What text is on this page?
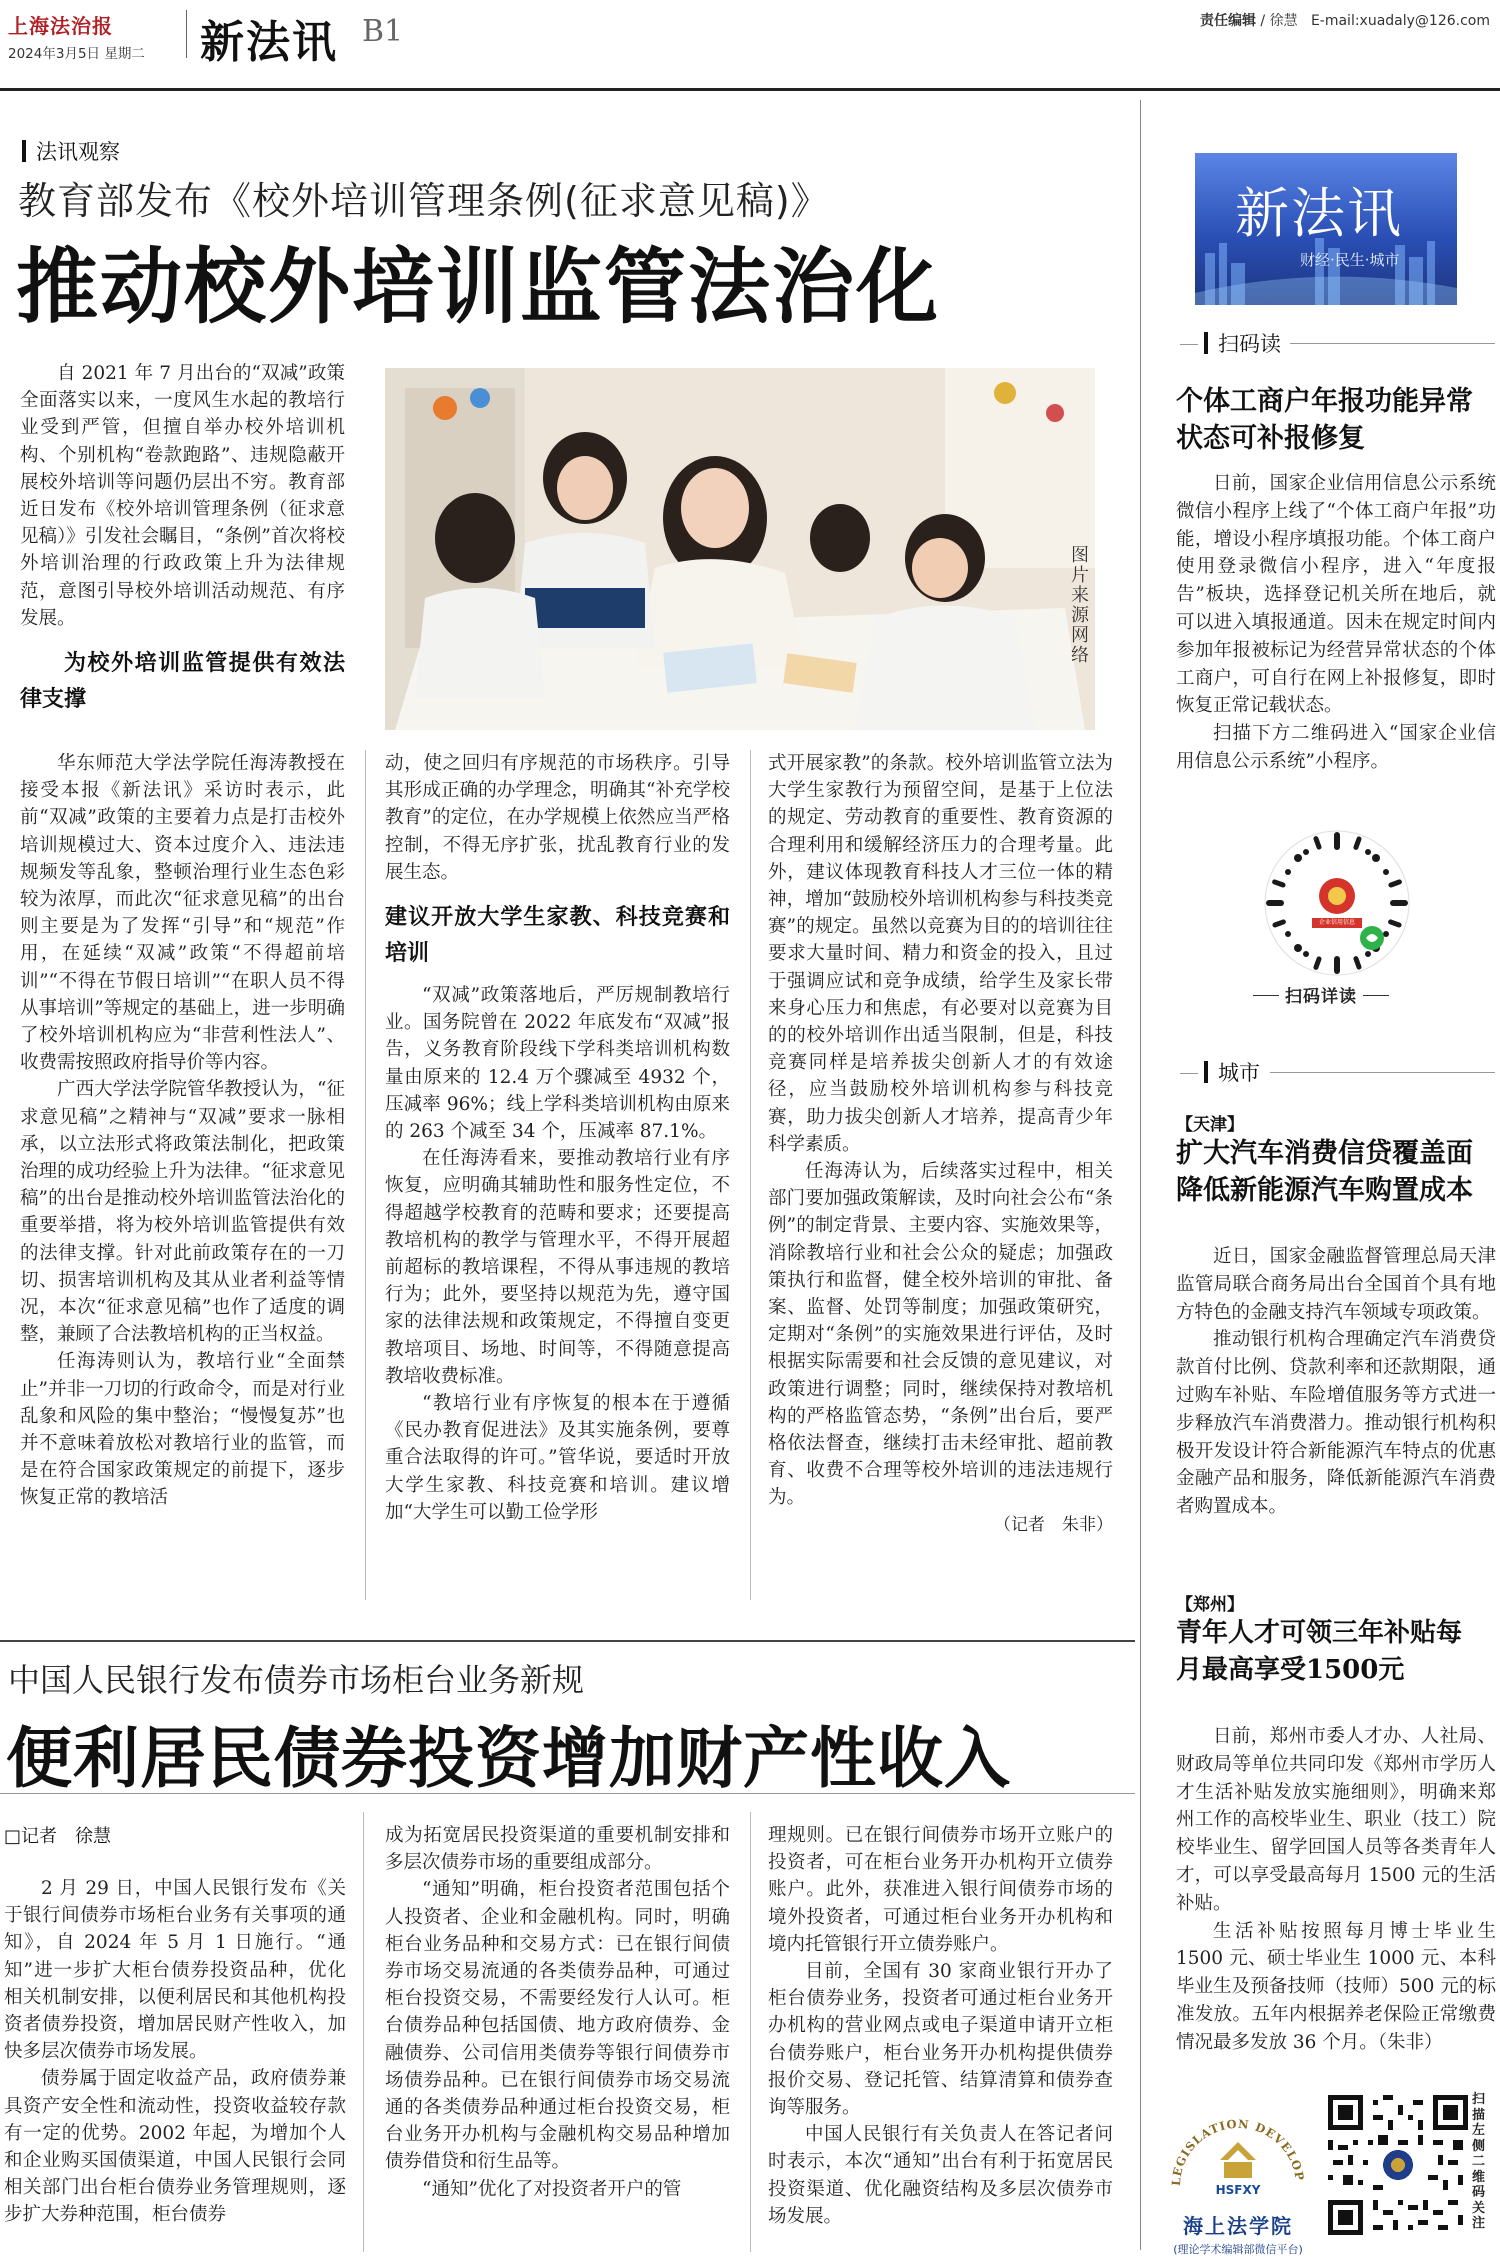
上海法治报
2024年3月5日 星期二 新法讯 B1	责任编辑 / 徐慧 E-mail:xuadaly@126.com
法讯观察
教育部发布《校外培训管理条例(征求意见稿)》
推动校外培训监管法治化

自 2021 年 7 月出台的“双减”政策全面落实以来，一度风生水起的教培行业受到严管，但擅自举办校外培训机构、个别机构“卷款跑路”、违规隐蔽开展校外培训等问题仍层出不穷。教育部近日发布《校外培训管理条例（征求意见稿）》引发社会瞩目，“条例”首次将校外培训治理的行政政策上升为法律规范，意图引导校外培训活动规范、有序发展。

为校外培训监管提供有效法律支撑
图片来源网络

华东师范大学法学院任海涛教授在接受本报《新法讯》采访时表示，此前“双减”政策的主要着力点是打击校外培训规模过大、资本过度介入、违法违规频发等乱象，整顿治理行业生态色彩较为浓厚，而此次“征求意见稿”的出台则主要是为了发挥“引导”和“规范”作用，在延续“双减”政策“不得超前培训”“不得在节假日培训”“在职人员不得从事培训”等规定的基础上，进一步明确了校外培训机构应为“非营利性法人”、收费需按照政府指导价等内容。

广西大学法学院管华教授认为，“征求意见稿”之精神与“双减”要求一脉相承，以立法形式将政策法制化，把政策治理的成功经验上升为法律。“征求意见稿”的出台是推动校外培训监管法治化的重要举措，将为校外培训监管提供有效的法律支撑。针对此前政策存在的一刀切、损害培训机构及其从业者利益等情况，本次“征求意见稿”也作了适度的调整，兼顾了合法教培机构的正当权益。

任海涛则认为，教培行业“全面禁止”并非一刀切的行政命令，而是对行业乱象和风险的集中整治；“慢慢复苏”也并不意味着放松对教培行业的监管，而是在符合国家政策规定的前提下，逐步恢复正常的教培活

动，使之回归有序规范的市场秩序。引导其形成正确的办学理念，明确其“补充学校教育”的定位，在办学规模上依然应当严格控制，不得无序扩张，扰乱教育行业的发展生态。

建议开放大学生家教、科技竞赛和培训

“双减”政策落地后，严厉规制教培行业。国务院曾在 2022 年底发布“双减”报告，义务教育阶段线下学科类培训机构数量由原来的 12.4 万个骤减至 4932 个，压减率 96%；线上学科类培训机构由原来的 263 个减至 34 个，压减率 87.1%。

在任海涛看来，要推动教培行业有序恢复，应明确其辅助性和服务性定位，不得超越学校教育的范畴和要求；还要提高教培机构的教学与管理水平，不得开展超前超标的教培课程，不得从事违规的教培行为；此外，要坚持以规范为先，遵守国家的法律法规和政策规定，不得擅自变更教培项目、场地、时间等，不得随意提高教培收费标准。

“教培行业有序恢复的根本在于遵循《民办教育促进法》及其实施条例，要尊重合法取得的许可。”管华说，要适时开放大学生家教、科技竞赛和培训。建议增加“大学生可以勤工俭学形

式开展家教”的条款。校外培训监管立法为大学生家教行为预留空间，是基于上位法的规定、劳动教育的重要性、教育资源的合理利用和缓解经济压力的合理考量。此外，建议体现教育科技人才三位一体的精神，增加“鼓励校外培训机构参与科技类竞赛”的规定。虽然以竞赛为目的的培训往往要求大量时间、精力和资金的投入，且过于强调应试和竞争成绩，给学生及家长带来身心压力和焦虑，有必要对以竞赛为目的的校外培训作出适当限制，但是，科技竞赛同样是培养拔尖创新人才的有效途径，应当鼓励校外培训机构参与科技竞赛，助力拔尖创新人才培养，提高青少年科学素质。

任海涛认为，后续落实过程中，相关部门要加强政策解读，及时向社会公布“条例”的制定背景、主要内容、实施效果等，消除教培行业和社会公众的疑虑；加强政策执行和监督，健全校外培训的审批、备案、监督、处罚等制度；加强政策研究，定期对“条例”的实施效果进行评估，及时根据实际需要和社会反馈的意见建议，对政策进行调整；同时，继续保持对教培机构的严格监管态势，“条例”出台后，要严格依法督查，继续打击未经审批、超前教育、收费不合理等校外培训的违法违规行为。

（记者　朱非）
中国人民银行发布债券市场柜台业务新规
便利居民债券投资增加财产性收入
□记者　徐慧

2 月 29 日，中国人民银行发布《关于银行间债券市场柜台业务有关事项的通知》，自 2024 年 5 月 1 日施行。“通知”进一步扩大柜台债券投资品种，优化相关机制安排，以便利居民和其他机构投资者债券投资，增加居民财产性收入，加快多层次债券市场发展。

债券属于固定收益产品，政府债券兼具资产安全性和流动性，投资收益较存款有一定的优势。2002 年起，为增加个人和企业购买国债渠道，中国人民银行会同相关部门出台柜台债券业务管理规则，逐步扩大券种范围，柜台债券

成为拓宽居民投资渠道的重要机制安排和多层次债券市场的重要组成部分。

“通知”明确，柜台投资者范围包括个人投资者、企业和金融机构。同时，明确柜台业务品种和交易方式：已在银行间债券市场交易流通的各类债券品种，可通过柜台投资交易，不需要经发行人认可。柜台债券品种包括国债、地方政府债券、金融债券、公司信用类债券等银行间债券市场债券品种。已在银行间债券市场交易流通的各类债券品种通过柜台投资交易，柜台业务开办机构与金融机构交易品种增加债券借贷和衍生品等。

“通知”优化了对投资者开户的管

理规则。已在银行间债券市场开立账户的投资者，可在柜台业务开办机构开立债券账户。此外，获准进入银行间债券市场的境外投资者，可通过柜台业务开办机构和境内托管银行开立债券账户。

目前，全国有 30 家商业银行开办了柜台债券业务，投资者可通过柜台业务开办机构的营业网点或电子渠道申请开立柜台债券账户，柜台业务开办机构提供债券报价交易、登记托管、结算清算和债券查询等服务。

中国人民银行有关负责人在答记者问时表示，本次“通知”出台有利于拓宽居民投资渠道、优化融资结构及多层次债券市场发展。

新法讯
财经·民生·城市
扫码读
个体工商户年报功能异常状态可补报修复

日前，国家企业信用信息公示系统微信小程序上线了“个体工商户年报”功能，增设小程序填报功能。个体工商户使用登录微信小程序，进入“年度报告”板块，选择登记机关所在地后，就可以进入填报通道。因未在规定时间内参加年报被标记为经营异常状态的个体工商户，可自行在网上补报修复，即时恢复正常记载状态。

扫描下方二维码进入“国家企业信用信息公示系统”小程序。

企业信用信息
扫码详读
城市
【天津】
扩大汽车消费信贷覆盖面降低新能源汽车购置成本

近日，国家金融监督管理总局天津监管局联合商务局出台全国首个具有地方特色的金融支持汽车领域专项政策。

推动银行机构合理确定汽车消费贷款首付比例、贷款利率和还款期限，通过购车补贴、车险增值服务等方式进一步释放汽车消费潜力。推动银行机构积极开发设计符合新能源汽车特点的优惠金融产品和服务，降低新能源汽车消费者购置成本。

【郑州】
青年人才可领三年补贴每月最高享受1500元

日前，郑州市委人才办、人社局、财政局等单位共同印发《郑州市学历人才生活补贴发放实施细则》，明确来郑州工作的高校毕业生、职业（技工）院校毕业生、留学回国人员等各类青年人才，可以享受最高每月 1500 元的生活补贴。

生活补贴按照每月博士毕业生 1500 元、硕士毕业生 1000 元、本科毕业生及预备技师（技师）500 元的标准发放。五年内根据养老保险正常缴费情况最多发放 36 个月。（朱非）

LEGISLATION DEVELOP
HSFXY
海上法学院
(理论学术编辑部微信平台)
扫描左侧二维码关注
